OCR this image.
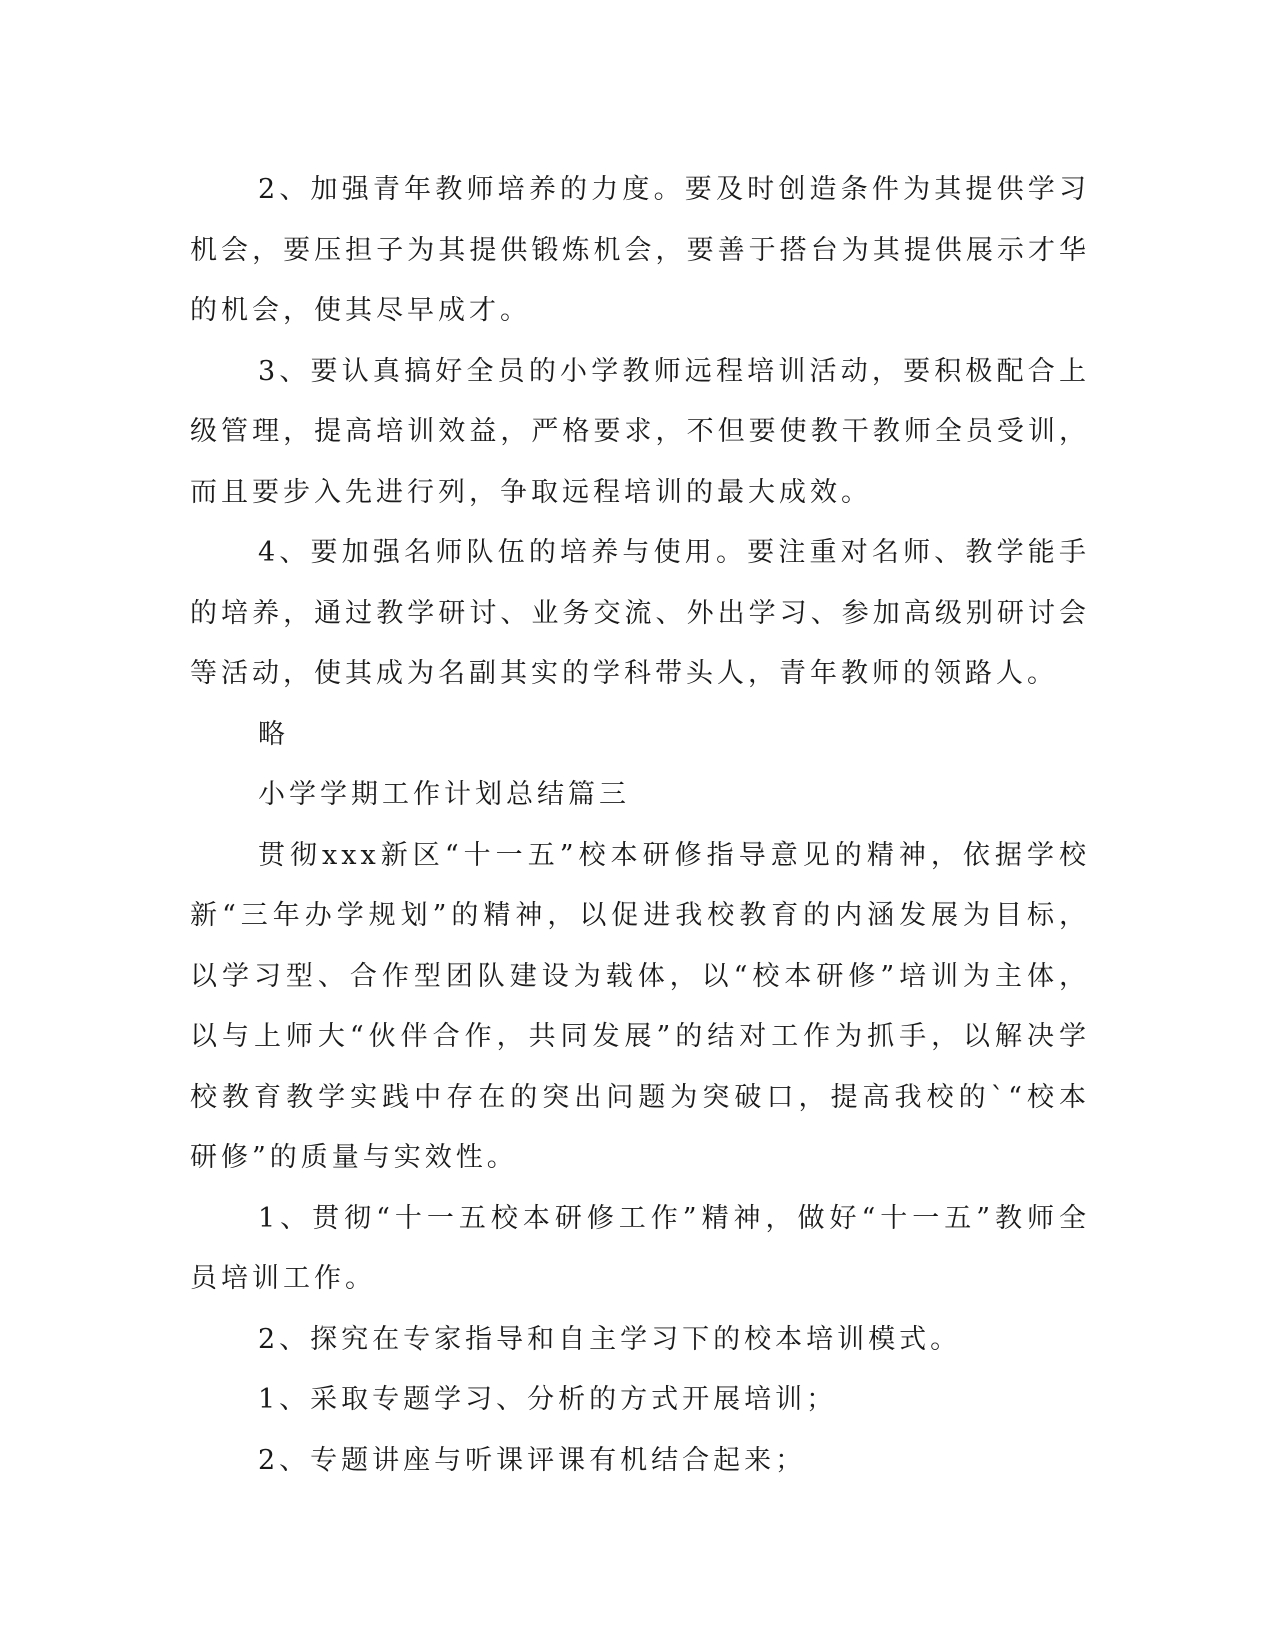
2、加强青年教师培养的力度。要及时创造条件为其提供学习机会，要压担子为其提供锻炼机会，要善于搭台为其提供展示才华的机会，使其尽早成才。

3、要认真搞好全员的小学教师远程培训活动，要积极配合上级管理，提高培训效益，严格要求，不但要使教干教师全员受训，而且要步入先进行列，争取远程培训的最大成效。

4、要加强名师队伍的培养与使用。要注重对名师、教学能手的培养，通过教学研讨、业务交流、外出学习、参加高级别研讨会等活动，使其成为名副其实的学科带头人，青年教师的领路人。

略

小学学期工作计划总结篇三

贯彻xxx新区“十一五”校本研修指导意见的精神，依据学校新“三年办学规划”的精神，以促进我校教育的内涵发展为目标，以学习型、合作型团队建设为载体，以“校本研修”培训为主体，以与上师大“伙伴合作，共同发展”的结对工作为抓手，以解决学校教育教学实践中存在的突出问题为突破口，提高我校的`“校本研修”的质量与实效性。

1、贯彻“十一五校本研修工作”精神，做好“十一五”教师全员培训工作。

2、探究在专家指导和自主学习下的校本培训模式。

1、采取专题学习、分析的方式开展培训；

2、专题讲座与听课评课有机结合起来；
